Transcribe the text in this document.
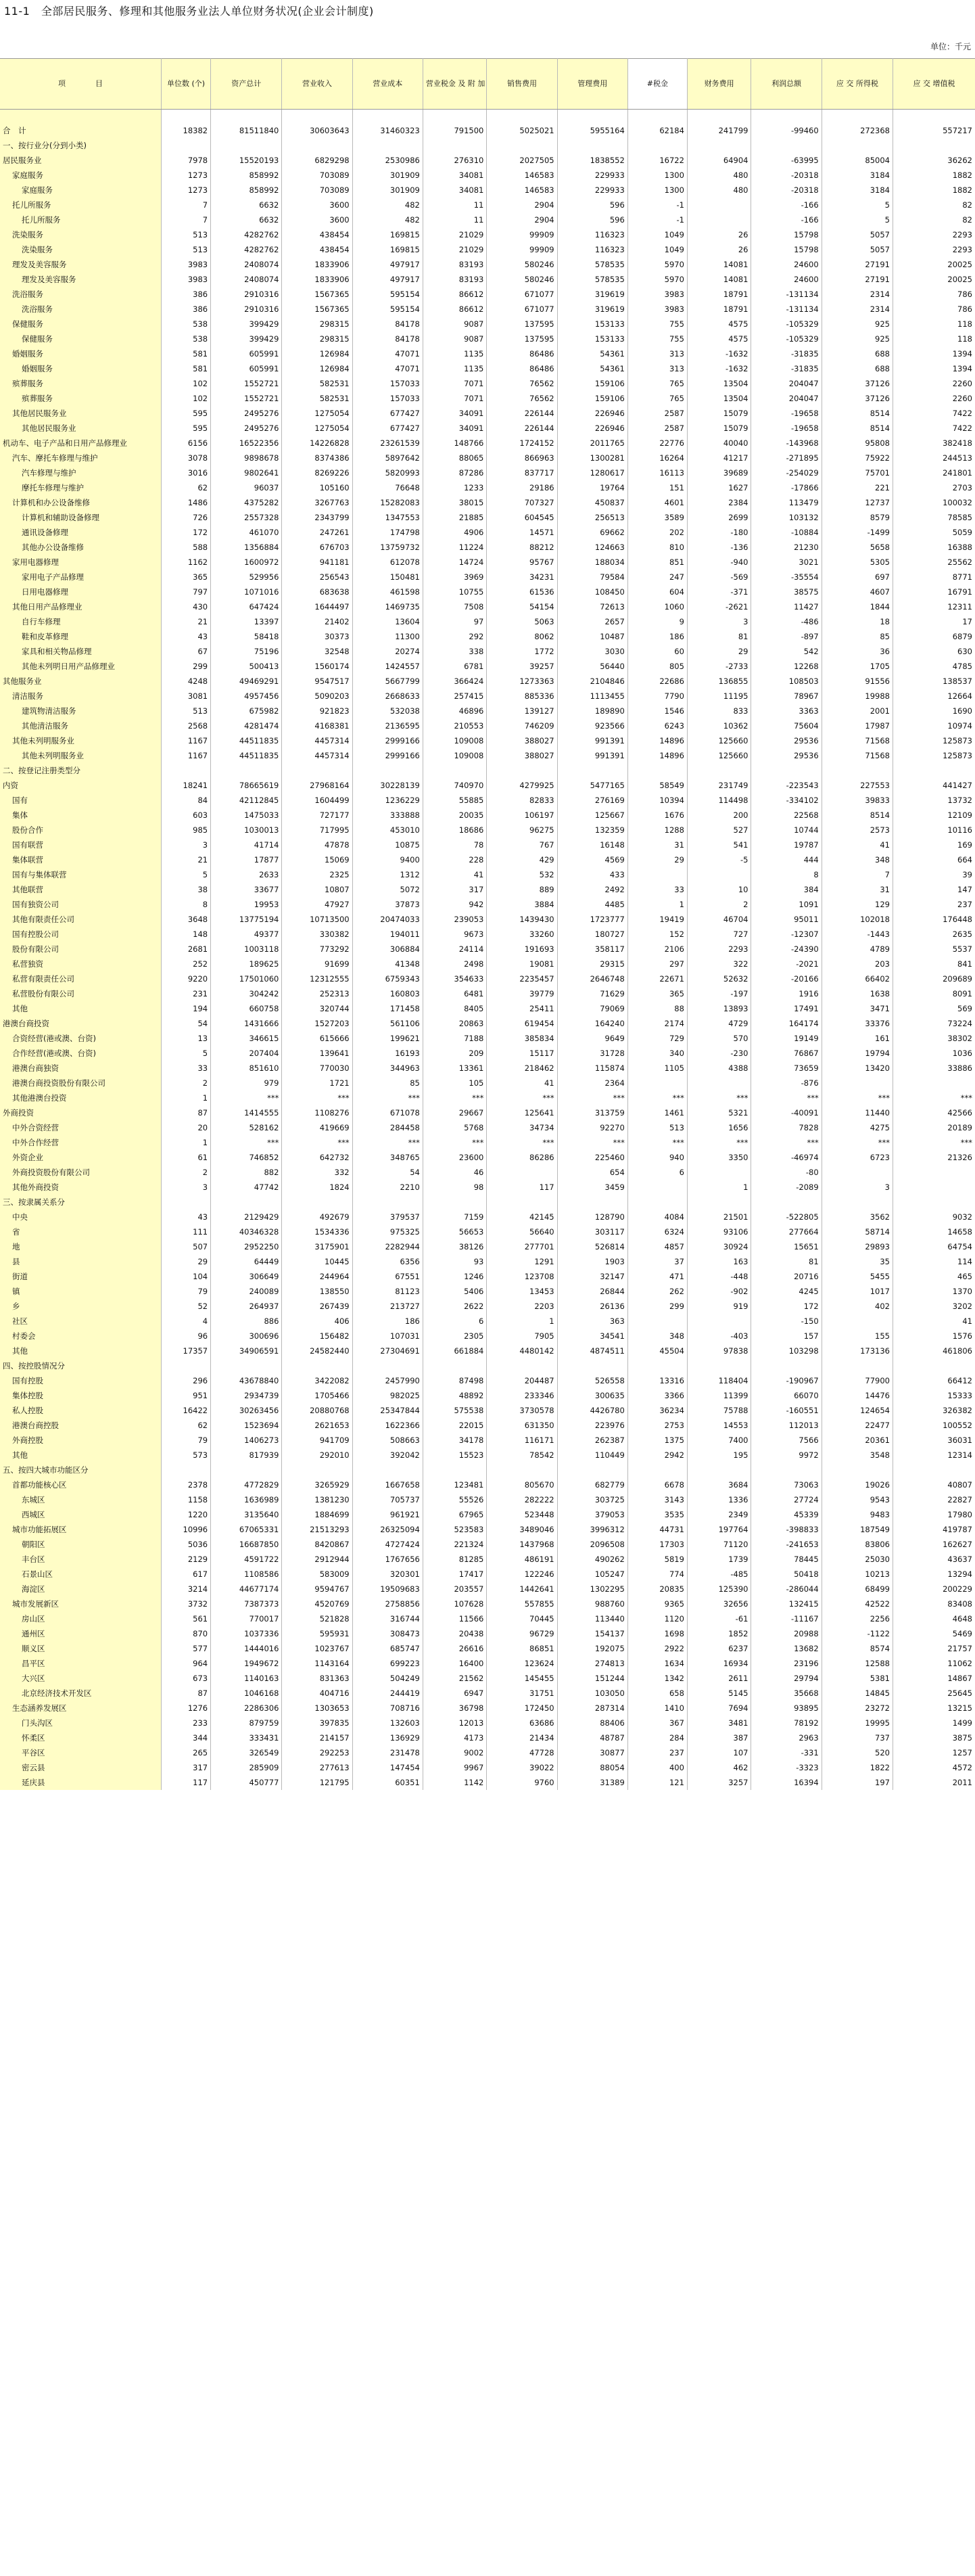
11-1　全部居民服务、修理和其他服务业法人单位财务状况(企业会计制度)
单位：千元
项　　　　目	单位数 (个)	资产总计	营业收入	营业成本	营业税金 及 附 加	销售费用	管理费用	#税金	财务费用	利润总额	应 交 所得税	应 交 增值税

合　计	18382	81511840	30603643	31460323	791500	5025021	5955164	62184	241799	-99460	272368	557217
一、按行业分(分到小类)												
居民服务业	7978	15520193	6829298	2530986	276310	2027505	1838552	16722	64904	-63995	85004	36262
家庭服务	1273	858992	703089	301909	34081	146583	229933	1300	480	-20318	3184	1882
家庭服务	1273	858992	703089	301909	34081	146583	229933	1300	480	-20318	3184	1882
托儿所服务	7	6632	3600	482	11	2904	596	-1		-166	5	82
托儿所服务	7	6632	3600	482	11	2904	596	-1		-166	5	82
洗染服务	513	4282762	438454	169815	21029	99909	116323	1049	26	15798	5057	2293
洗染服务	513	4282762	438454	169815	21029	99909	116323	1049	26	15798	5057	2293
理发及美容服务	3983	2408074	1833906	497917	83193	580246	578535	5970	14081	24600	27191	20025
理发及美容服务	3983	2408074	1833906	497917	83193	580246	578535	5970	14081	24600	27191	20025
洗浴服务	386	2910316	1567365	595154	86612	671077	319619	3983	18791	-131134	2314	786
洗浴服务	386	2910316	1567365	595154	86612	671077	319619	3983	18791	-131134	2314	786
保健服务	538	399429	298315	84178	9087	137595	153133	755	4575	-105329	925	118
保健服务	538	399429	298315	84178	9087	137595	153133	755	4575	-105329	925	118
婚姻服务	581	605991	126984	47071	1135	86486	54361	313	-1632	-31835	688	1394
婚姻服务	581	605991	126984	47071	1135	86486	54361	313	-1632	-31835	688	1394
殡葬服务	102	1552721	582531	157033	7071	76562	159106	765	13504	204047	37126	2260
殡葬服务	102	1552721	582531	157033	7071	76562	159106	765	13504	204047	37126	2260
其他居民服务业	595	2495276	1275054	677427	34091	226144	226946	2587	15079	-19658	8514	7422
其他居民服务业	595	2495276	1275054	677427	34091	226144	226946	2587	15079	-19658	8514	7422
机动车、电子产品和日用产品修理业	6156	16522356	14226828	23261539	148766	1724152	2011765	22776	40040	-143968	95808	382418
汽车、摩托车修理与维护	3078	9898678	8374386	5897642	88065	866963	1300281	16264	41217	-271895	75922	244513
汽车修理与维护	3016	9802641	8269226	5820993	87286	837717	1280617	16113	39689	-254029	75701	241801
摩托车修理与维护	62	96037	105160	76648	1233	29186	19764	151	1627	-17866	221	2703
计算机和办公设备维修	1486	4375282	3267763	15282083	38015	707327	450837	4601	2384	113479	12737	100032
计算机和辅助设备修理	726	2557328	2343799	1347553	21885	604545	256513	3589	2699	103132	8579	78585
通讯设备修理	172	461070	247261	174798	4906	14571	69662	202	-180	-10884	-1499	5059
其他办公设备维修	588	1356884	676703	13759732	11224	88212	124663	810	-136	21230	5658	16388
家用电器修理	1162	1600972	941181	612078	14724	95767	188034	851	-940	3021	5305	25562
家用电子产品修理	365	529956	256543	150481	3969	34231	79584	247	-569	-35554	697	8771
日用电器修理	797	1071016	683638	461598	10755	61536	108450	604	-371	38575	4607	16791
其他日用产品修理业	430	647424	1644497	1469735	7508	54154	72613	1060	-2621	11427	1844	12311
自行车修理	21	13397	21402	13604	97	5063	2657	9	3	-486	18	17
鞋和皮革修理	43	58418	30373	11300	292	8062	10487	186	81	-897	85	6879
家具和相关物品修理	67	75196	32548	20274	338	1772	3030	60	29	542	36	630
其他未列明日用产品修理业	299	500413	1560174	1424557	6781	39257	56440	805	-2733	12268	1705	4785
其他服务业	4248	49469291	9547517	5667799	366424	1273363	2104846	22686	136855	108503	91556	138537
清洁服务	3081	4957456	5090203	2668633	257415	885336	1113455	7790	11195	78967	19988	12664
建筑物清洁服务	513	675982	921823	532038	46896	139127	189890	1546	833	3363	2001	1690
其他清洁服务	2568	4281474	4168381	2136595	210553	746209	923566	6243	10362	75604	17987	10974
其他未列明服务业	1167	44511835	4457314	2999166	109008	388027	991391	14896	125660	29536	71568	125873
其他未列明服务业	1167	44511835	4457314	2999166	109008	388027	991391	14896	125660	29536	71568	125873
二、按登记注册类型分												
内资	18241	78665619	27968164	30228139	740970	4279925	5477165	58549	231749	-223543	227553	441427
国有	84	42112845	1604499	1236229	55885	82833	276169	10394	114498	-334102	39833	13732
集体	603	1475033	727177	333888	20035	106197	125667	1676	200	22568	8514	12109
股份合作	985	1030013	717995	453010	18686	96275	132359	1288	527	10744	2573	10116
国有联营	3	41714	47878	10875	78	767	16148	31	541	19787	41	169
集体联营	21	17877	15069	9400	228	429	4569	29	-5	444	348	664
国有与集体联营	5	2633	2325	1312	41	532	433			8	7	39
其他联营	38	33677	10807	5072	317	889	2492	33	10	384	31	147
国有独资公司	8	19953	47927	37873	942	3884	4485	1	2	1091	129	237
其他有限责任公司	3648	13775194	10713500	20474033	239053	1439430	1723777	19419	46704	95011	102018	176448
国有控股公司	148	49377	330382	194011	9673	33260	180727	152	727	-12307	-1443	2635
股份有限公司	2681	1003118	773292	306884	24114	191693	358117	2106	2293	-24390	4789	5537
私营独资	252	189625	91699	41348	2498	19081	29315	297	322	-2021	203	841
私营有限责任公司	9220	17501060	12312555	6759343	354633	2235457	2646748	22671	52632	-20166	66402	209689
私营股份有限公司	231	304242	252313	160803	6481	39779	71629	365	-197	1916	1638	8091
其他	194	660758	320744	171458	8405	25411	79069	88	13893	17491	3471	569
港澳台商投资	54	1431666	1527203	561106	20863	619454	164240	2174	4729	164174	33376	73224
合资经营(港或澳、台资)	13	346615	615666	199621	7188	385834	9649	729	570	19149	161	38302
合作经营(港或澳、台资)	5	207404	139641	16193	209	15117	31728	340	-230	76867	19794	1036
港澳台商独资	33	851610	770030	344963	13361	218462	115874	1105	4388	73659	13420	33886
港澳台商投资股份有限公司	2	979	1721	85	105	41	2364			-876		
其他港澳台投资	1	***	***	***	***	***	***	***	***	***	***	***
外商投资	87	1414555	1108276	671078	29667	125641	313759	1461	5321	-40091	11440	42566
中外合资经营	20	528162	419669	284458	5768	34734	92270	513	1656	7828	4275	20189
中外合作经营	1	***	***	***	***	***	***	***	***	***	***	***
外资企业	61	746852	642732	348765	23600	86286	225460	940	3350	-46974	6723	21326
外商投资股份有限公司	2	882	332	54	46		654	6		-80		
其他外商投资	3	47742	1824	2210	98	117	3459		1	-2089	3	
三、按隶属关系分												
中央	43	2129429	492679	379537	7159	42145	128790	4084	21501	-522805	3562	9032
省	111	40346328	1534336	975325	56653	56640	303117	6324	93106	277664	58714	14658
地	507	2952250	3175901	2282944	38126	277701	526814	4857	30924	15651	29893	64754
县	29	64449	10445	6356	93	1291	1903	37	163	81	35	114
街道	104	306649	244964	67551	1246	123708	32147	471	-448	20716	5455	465
镇	79	240089	138550	81123	5406	13453	26844	262	-902	4245	1017	1370
乡	52	264937	267439	213727	2622	2203	26136	299	919	172	402	3202
社区	4	886	406	186	6	1	363			-150		41
村委会	96	300696	156482	107031	2305	7905	34541	348	-403	157	155	1576
其他	17357	34906591	24582440	27304691	661884	4480142	4874511	45504	97838	103298	173136	461806
四、按控股情况分												
国有控股	296	43678840	3422082	2457990	87498	204487	526558	13316	118404	-190967	77900	66412
集体控股	951	2934739	1705466	982025	48892	233346	300635	3366	11399	66070	14476	15333
私人控股	16422	30263456	20880768	25347844	575538	3730578	4426780	36234	75788	-160551	124654	326382
港澳台商控股	62	1523694	2621653	1622366	22015	631350	223976	2753	14553	112013	22477	100552
外商控股	79	1406273	941709	508663	34178	116171	262387	1375	7400	7566	20361	36031
其他	573	817939	292010	392042	15523	78542	110449	2942	195	9972	3548	12314
五、按四大城市功能区分												
首都功能核心区	2378	4772829	3265929	1667658	123481	805670	682779	6678	3684	73063	19026	40807
东城区	1158	1636989	1381230	705737	55526	282222	303725	3143	1336	27724	9543	22827
西城区	1220	3135640	1884699	961921	67965	523448	379053	3535	2349	45339	9483	17980
城市功能拓展区	10996	67065331	21513293	26325094	523583	3489046	3996312	44731	197764	-398833	187549	419787
朝阳区	5036	16687850	8420867	4727424	221324	1437968	2096508	17303	71120	-241653	83806	162627
丰台区	2129	4591722	2912944	1767656	81285	486191	490262	5819	1739	78445	25030	43637
石景山区	617	1108586	583009	320301	17417	122246	105247	774	-485	50418	10213	13294
海淀区	3214	44677174	9594767	19509683	203557	1442641	1302295	20835	125390	-286044	68499	200229
城市发展新区	3732	7387373	4520769	2758856	107628	557855	988760	9365	32656	132415	42522	83408
房山区	561	770017	521828	316744	11566	70445	113440	1120	-61	-11167	2256	4648
通州区	870	1037336	595931	308473	20438	96729	154137	1698	1852	20988	-1122	5469
顺义区	577	1444016	1023767	685747	26616	86851	192075	2922	6237	13682	8574	21757
昌平区	964	1949672	1143164	699223	16400	123624	274813	1634	16934	23196	12588	11062
大兴区	673	1140163	831363	504249	21562	145455	151244	1342	2611	29794	5381	14867
北京经济技术开发区	87	1046168	404716	244419	6947	31751	103050	658	5145	35668	14845	25645
生态涵养发展区	1276	2286306	1303653	708716	36798	172450	287314	1410	7694	93895	23272	13215
门头沟区	233	879759	397835	132603	12013	63686	88406	367	3481	78192	19995	1499
怀柔区	344	333431	214157	136929	4173	21434	48787	284	387	2963	737	3875
平谷区	265	326549	292253	231478	9002	47728	30877	237	107	-331	520	1257
密云县	317	285909	277613	147454	9967	39022	88054	400	462	-3323	1822	4572
延庆县	117	450777	121795	60351	1142	9760	31389	121	3257	16394	197	2011
